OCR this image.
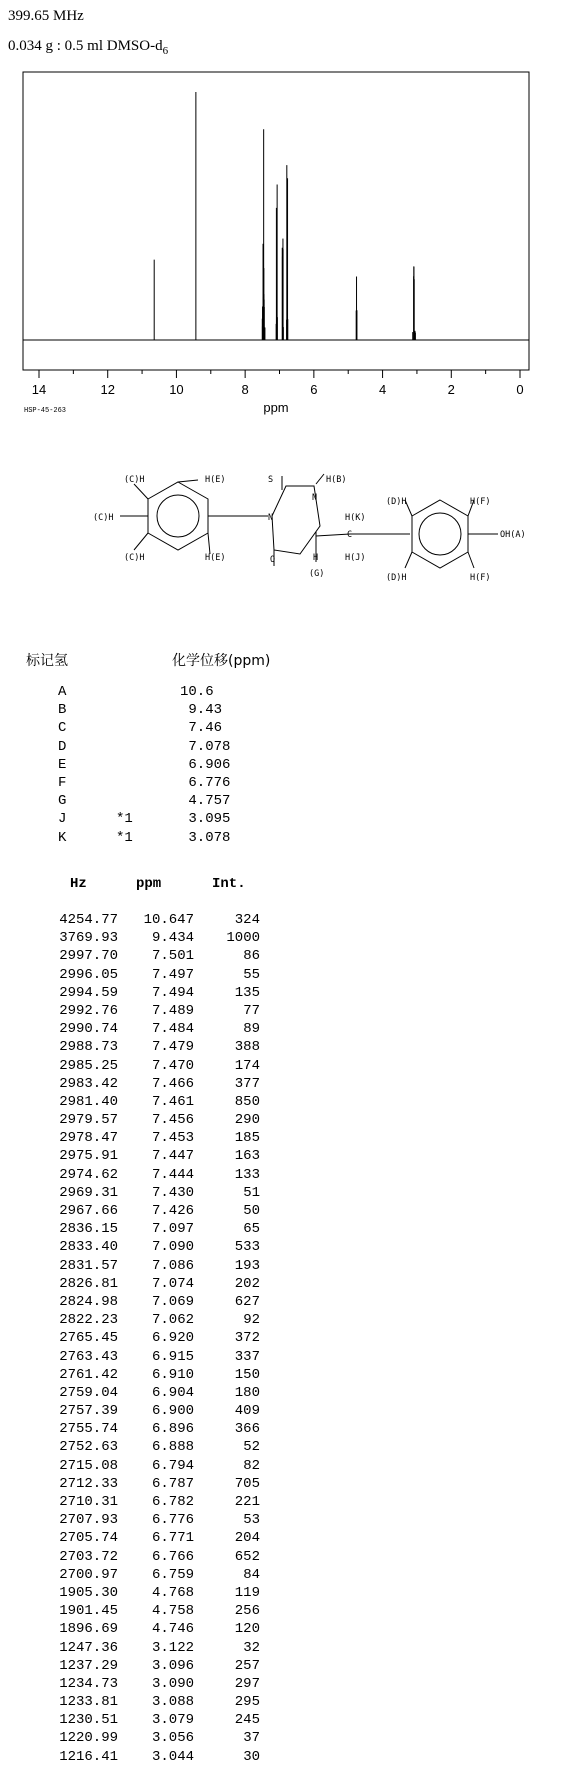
399.65 MHz
0.034 g : 0.5 ml DMSO-$d_6$
14	12	10	8	6	4	2	0
ppm
HSP-45-263
(C)H	H(E)	S	H(B)
(D)H	H(F)
(C)H	N
N
H(K)
OH(A)
C
(C)H	H(E)	O	H	H(J)
(G)	(D)H	H(F)
标记氢	化学位移(ppm)
A	10.6
B	9.43
C	7.46
D	7.078
E	6.906
F	6.776
G	4.757
J	*1	3.095
K	*1	3.078
Hz	ppm	Int.
4254.77	10.647	324
3769.93	9.434	1000
2997.70	7.501	86
2996.05	7.497	55
2994.59	7.494	135
2992.76	7.489	77
2990.74	7.484	89
2988.73	7.479	388
2985.25	7.470	174
2983.42	7.466	377
2981.40	7.461	850
2979.57	7.456	290
2978.47	7.453	185
2975.91	7.447	163
2974.62	7.444	133
2969.31	7.430	51
2967.66	7.426	50
2836.15	7.097	65
2833.40	7.090	533
2831.57	7.086	193
2826.81	7.074	202
2824.98	7.069	627
2822.23	7.062	92
2765.45	6.920	372
2763.43	6.915	337
2761.42	6.910	150
2759.04	6.904	180
2757.39	6.900	409
2755.74	6.896	366
2752.63	6.888	52
2715.08	6.794	82
2712.33	6.787	705
2710.31	6.782	221
2707.93	6.776	53
2705.74	6.771	204
2703.72	6.766	652
2700.97	6.759	84
1905.30	4.768	119
1901.45	4.758	256
1896.69	4.746	120
1247.36	3.122	32
1237.29	3.096	257
1234.73	3.090	297
1233.81	3.088	295
1230.51	3.079	245
1220.99	3.056	37
1216.41	3.044	30
